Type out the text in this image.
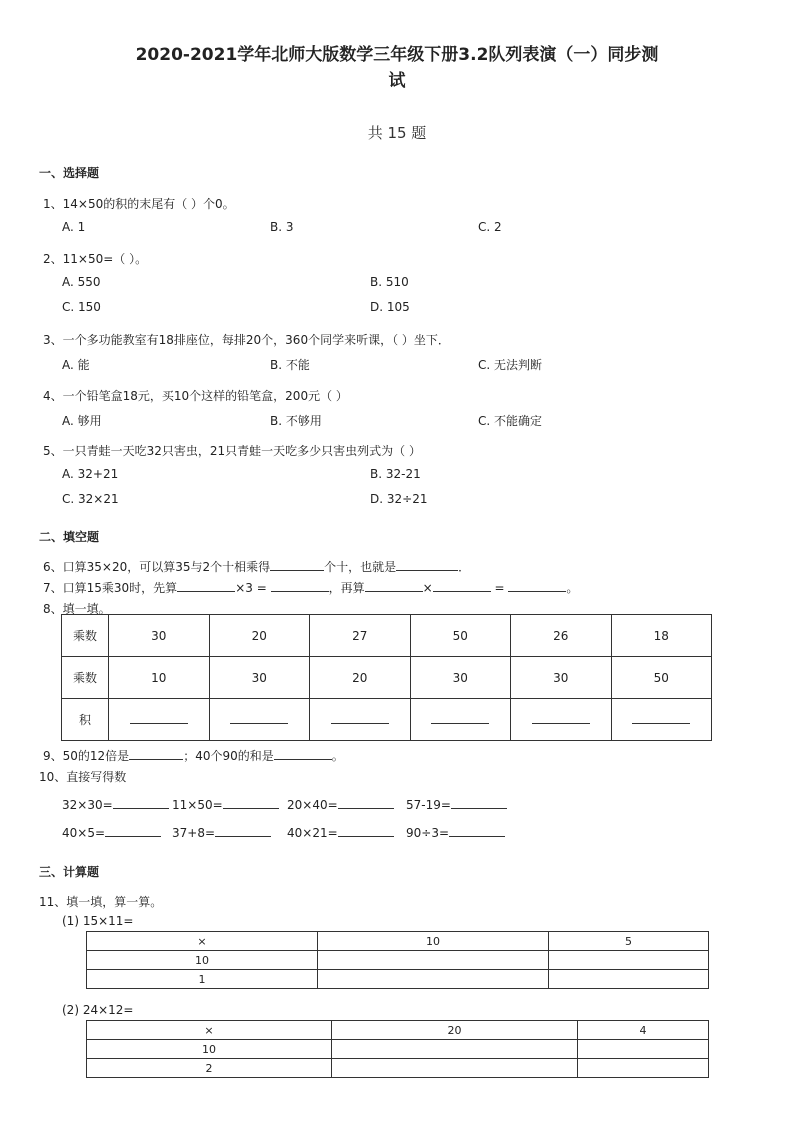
2020-2021学年北师大版数学三年级下册3.2队列表演（一）同步测
试
共 15 题
一、选择题
1、14×50的积的末尾有（ ）个0。
A. 1	B. 3	C. 2
2、11×50=（ ）。
A. 550	B. 510
C. 150	D. 105
3、一个多功能教室有18排座位，每排20个，360个同学来听课，（ ）坐下．
A. 能	B. 不能	C. 无法判断
4、一个铅笔盒18元，买10个这样的铅笔盒，200元（ ）
A. 够用	B. 不够用	C. 不能确定
5、一只青蛙一天吃32只害虫，21只青蛙一天吃多少只害虫列式为（ ）
A. 32+21	B. 32-21
C. 32×21	D. 32÷21
二、填空题
6、口算35×20，可以算35与2个十相乘得	个十，也就是	．
7、口算15乘30时，先算	×3 =	，再算	×	=	。
8、填一填。
乘数	30	20	27	50	26	18
乘数	10	30	20	30	30	50
积						
9、50的12倍是	；40个90的和是	。
10、直接写得数
32×30=	11×50=	20×40=	57-19=
40×5=	37+8=	40×21=	90÷3=
三、计算题
11、填一填，算一算。
(1) 15×11=
×	10	5
10		
1		
(2) 24×12=
×	20	4
10		
2		
